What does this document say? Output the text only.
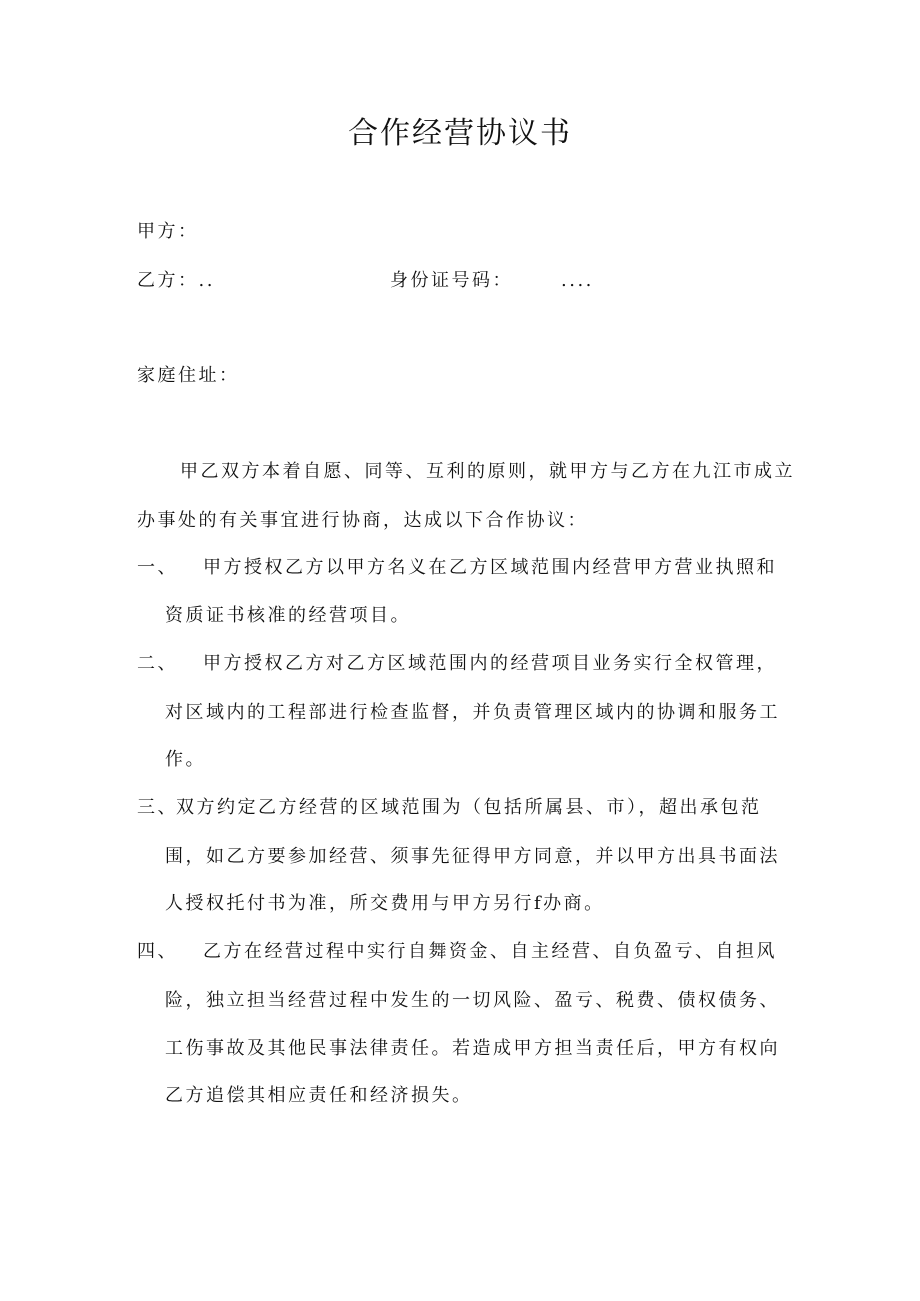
合作经营协议书
甲方：
乙方：..	身份证号码：	....
家庭住址：
甲乙双方本着自愿、同等、互利的原则，就甲方与乙方在九江市成立
办事处的有关事宜进行协商，达成以下合作协议：
一、 甲方授权乙方以甲方名义在乙方区域范围内经营甲方营业执照和
资质证书核准的经营项目。
二、 甲方授权乙方对乙方区域范围内的经营项目业务实行全权管理，
对区域内的工程部进行检查监督，并负责管理区域内的协调和服务工
作。
三、
双方约定乙方经营的区域范围为（包括所属县、市），超出承包范
围，如乙方要参加经营、须事先征得甲方同意，并以甲方出具书面法
人授权托付书为准，所交费用与甲方另行f办商。
四、 乙方在经营过程中实行自舞资金、自主经营、自负盈亏、自担风
险，独立担当经营过程中发生的一切风险、盈亏、税费、债权债务、
工伤事故及其他民事法律责任。若造成甲方担当责任后，甲方有权向
乙方追偿其相应责任和经济损失。
